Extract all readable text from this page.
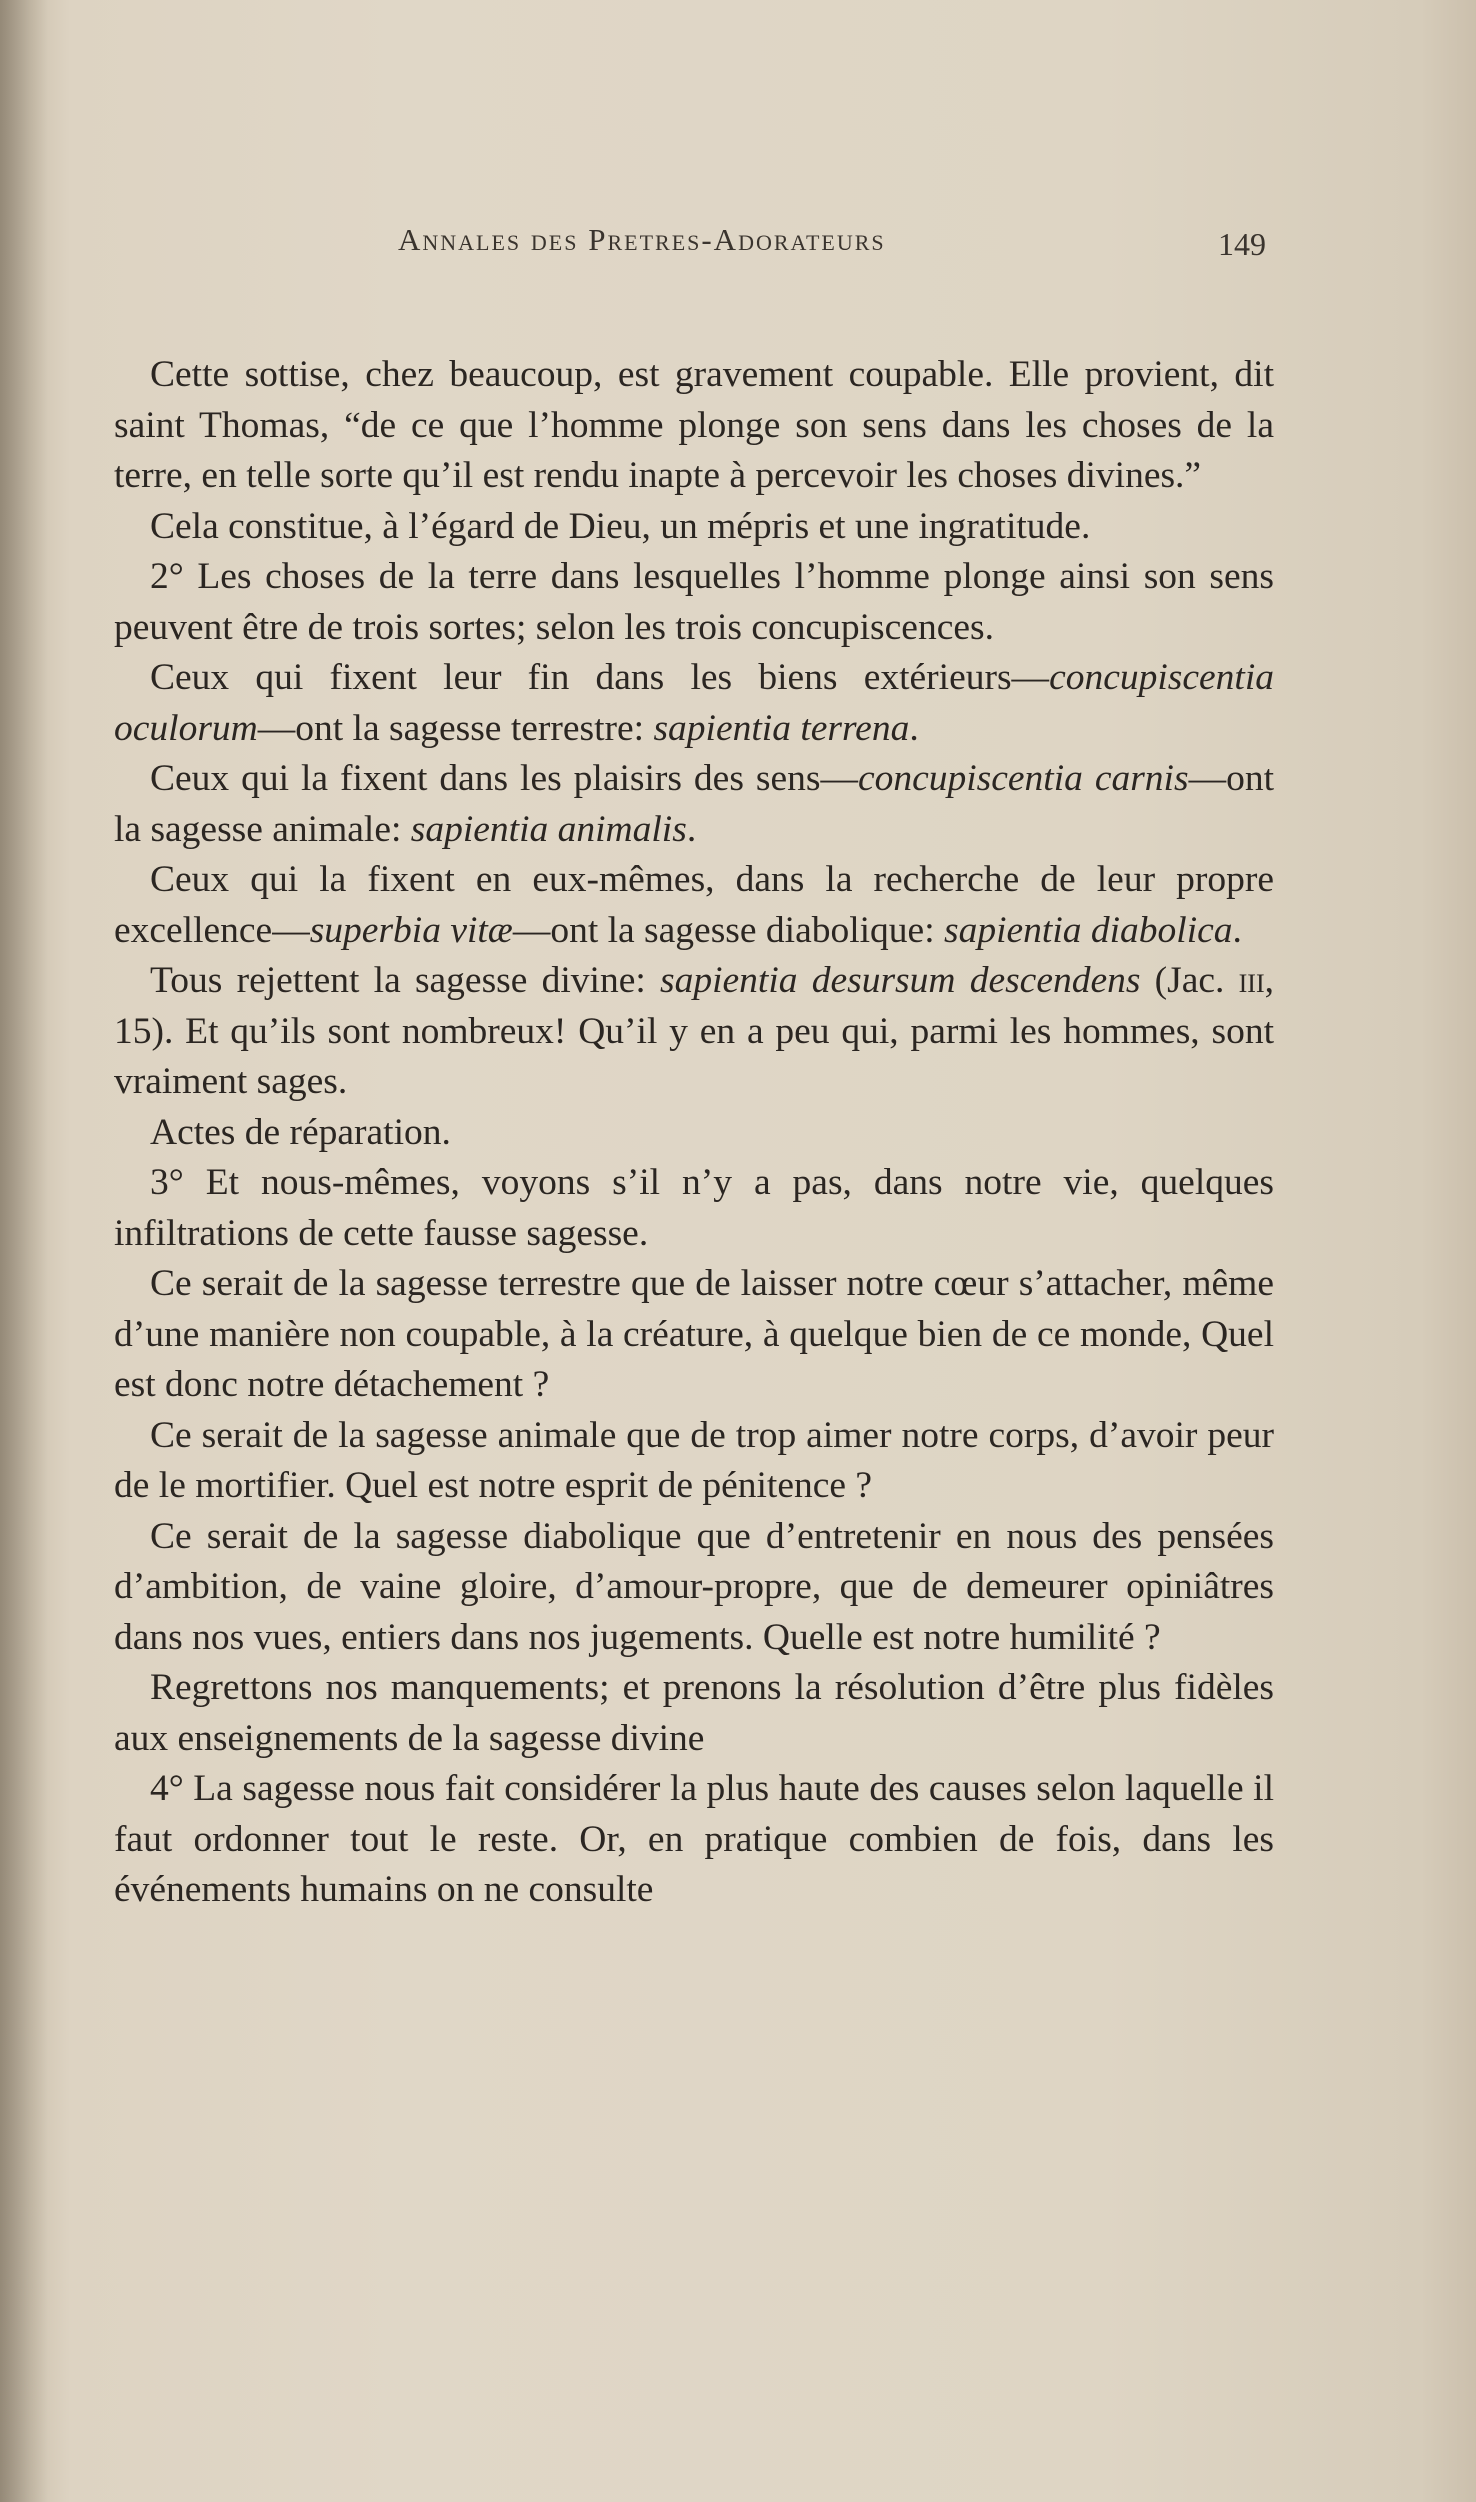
Annales des Pretres-Adorateurs	149

Cette sottise, chez beaucoup, est gravement coupable. Elle provient, dit saint Thomas, “de ce que l’homme plonge son sens dans les choses de la terre, en telle sorte qu’il est rendu inapte à percevoir les choses divines.”

Cela constitue, à l’égard de Dieu, un mépris et une ingratitude.

2° Les choses de la terre dans lesquelles l’homme plonge ainsi son sens peuvent être de trois sortes; selon les trois concupiscences.

Ceux qui fixent leur fin dans les biens extérieurs—concupiscentia oculorum—ont la sagesse terrestre: sapientia terrena.

Ceux qui la fixent dans les plaisirs des sens—concupiscentia carnis—ont la sagesse animale: sapientia animalis.

Ceux qui la fixent en eux-mêmes, dans la recherche de leur propre excellence—superbia vitæ—ont la sagesse diabolique: sapientia diabolica.

Tous rejettent la sagesse divine: sapientia desursum descendens (Jac. iii, 15). Et qu’ils sont nombreux! Qu’il y en a peu qui, parmi les hommes, sont vraiment sages.

Actes de réparation.

3° Et nous-mêmes, voyons s’il n’y a pas, dans notre vie, quelques infiltrations de cette fausse sagesse.

Ce serait de la sagesse terrestre que de laisser notre cœur s’attacher, même d’une manière non coupable, à la créature, à quelque bien de ce monde, Quel est donc notre détachement ?

Ce serait de la sagesse animale que de trop aimer notre corps, d’avoir peur de le mortifier. Quel est notre esprit de pénitence ?

Ce serait de la sagesse diabolique que d’entretenir en nous des pensées d’ambition, de vaine gloire, d’amour-propre, que de demeurer opiniâtres dans nos vues, entiers dans nos jugements. Quelle est notre humilité ?

Regrettons nos manquements; et prenons la résolution d’être plus fidèles aux enseignements de la sagesse divine

4° La sagesse nous fait considérer la plus haute des causes selon laquelle il faut ordonner tout le reste. Or, en pratique combien de fois, dans les événements humains on ne consulte
